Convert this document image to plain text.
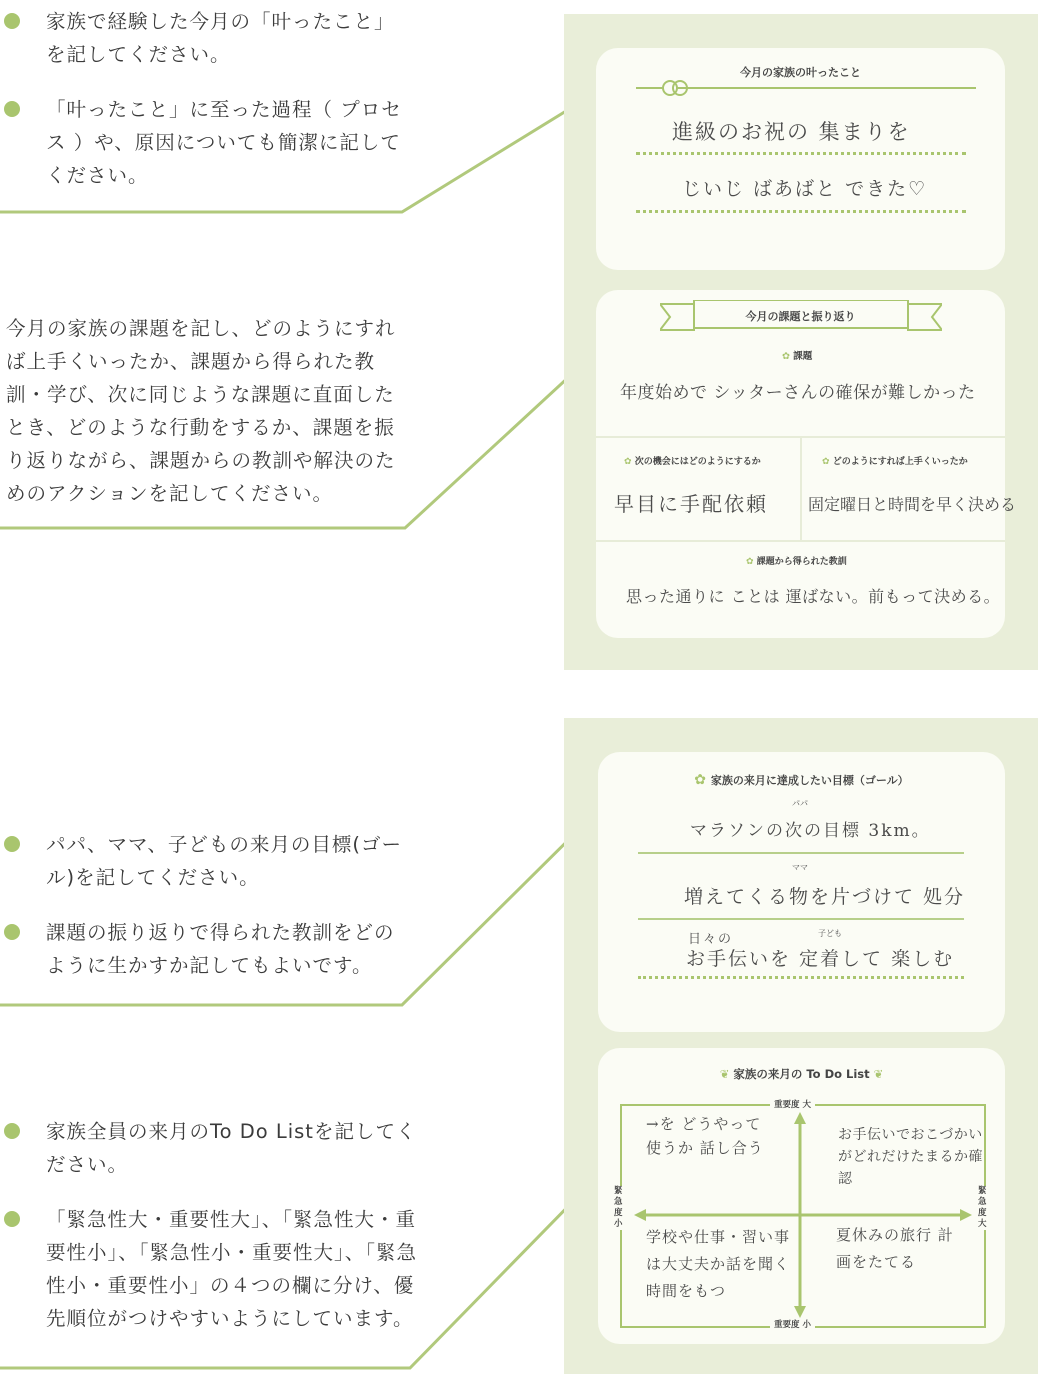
家族で経験した今月の「叶ったこと」を記してください。
「叶ったこと」に至った過程（ プロセス ）や、原因についても簡潔に記してください。
今月の家族の課題を記し、どのようにすれば上手くいったか、課題から得られた教訓・学び、次に同じような課題に直面したとき、どのような行動をするか、課題を振り返りながら、課題からの教訓や解決のためのアクションを記してください。
パパ、ママ、子どもの来月の目標(ゴール)を記してください。
課題の振り返りで得られた教訓をどのように生かすか記してもよいです。
家族全員の来月のTo Do Listを記してください。
「緊急性大・重要性大」、「緊急性大・重要性小」、「緊急性小・重要性大」、「緊急性小・重要性小」の４つの欄に分け、優先順位がつけやすいようにしています。
今月の家族の叶ったこと
進級のお祝の 集まりを
じいじ ばあばと できた♡
今月の課題と振り返り
✿ 課題
年度始めで シッターさんの確保が難しかった
✿ 次の機会にはどのようにするか
早目に手配依頼
✿ どのようにすれば上手くいったか
固定曜日と時間を早く決める
✿ 課題から得られた教訓
思った通りに ことは 運ばない。前もって決める。
✿ 家族の来月に達成したい目標（ゴール）
パパ
マラソンの次の目標 3km。
ママ
増えてくる物を片づけて 処分
子ども
日々の
お手伝いを 定着して 楽しむ
❦ 家族の来月の To Do List ❦
重要度 大
重要度 小
緊急度 小
緊急度 大
→を どうやって使うか 話し合う
お手伝いでおこづかいがどれだけたまるか確認
学校や仕事・習い事は大丈夫か話を聞く時間をもつ
夏休みの旅行 計画をたてる
